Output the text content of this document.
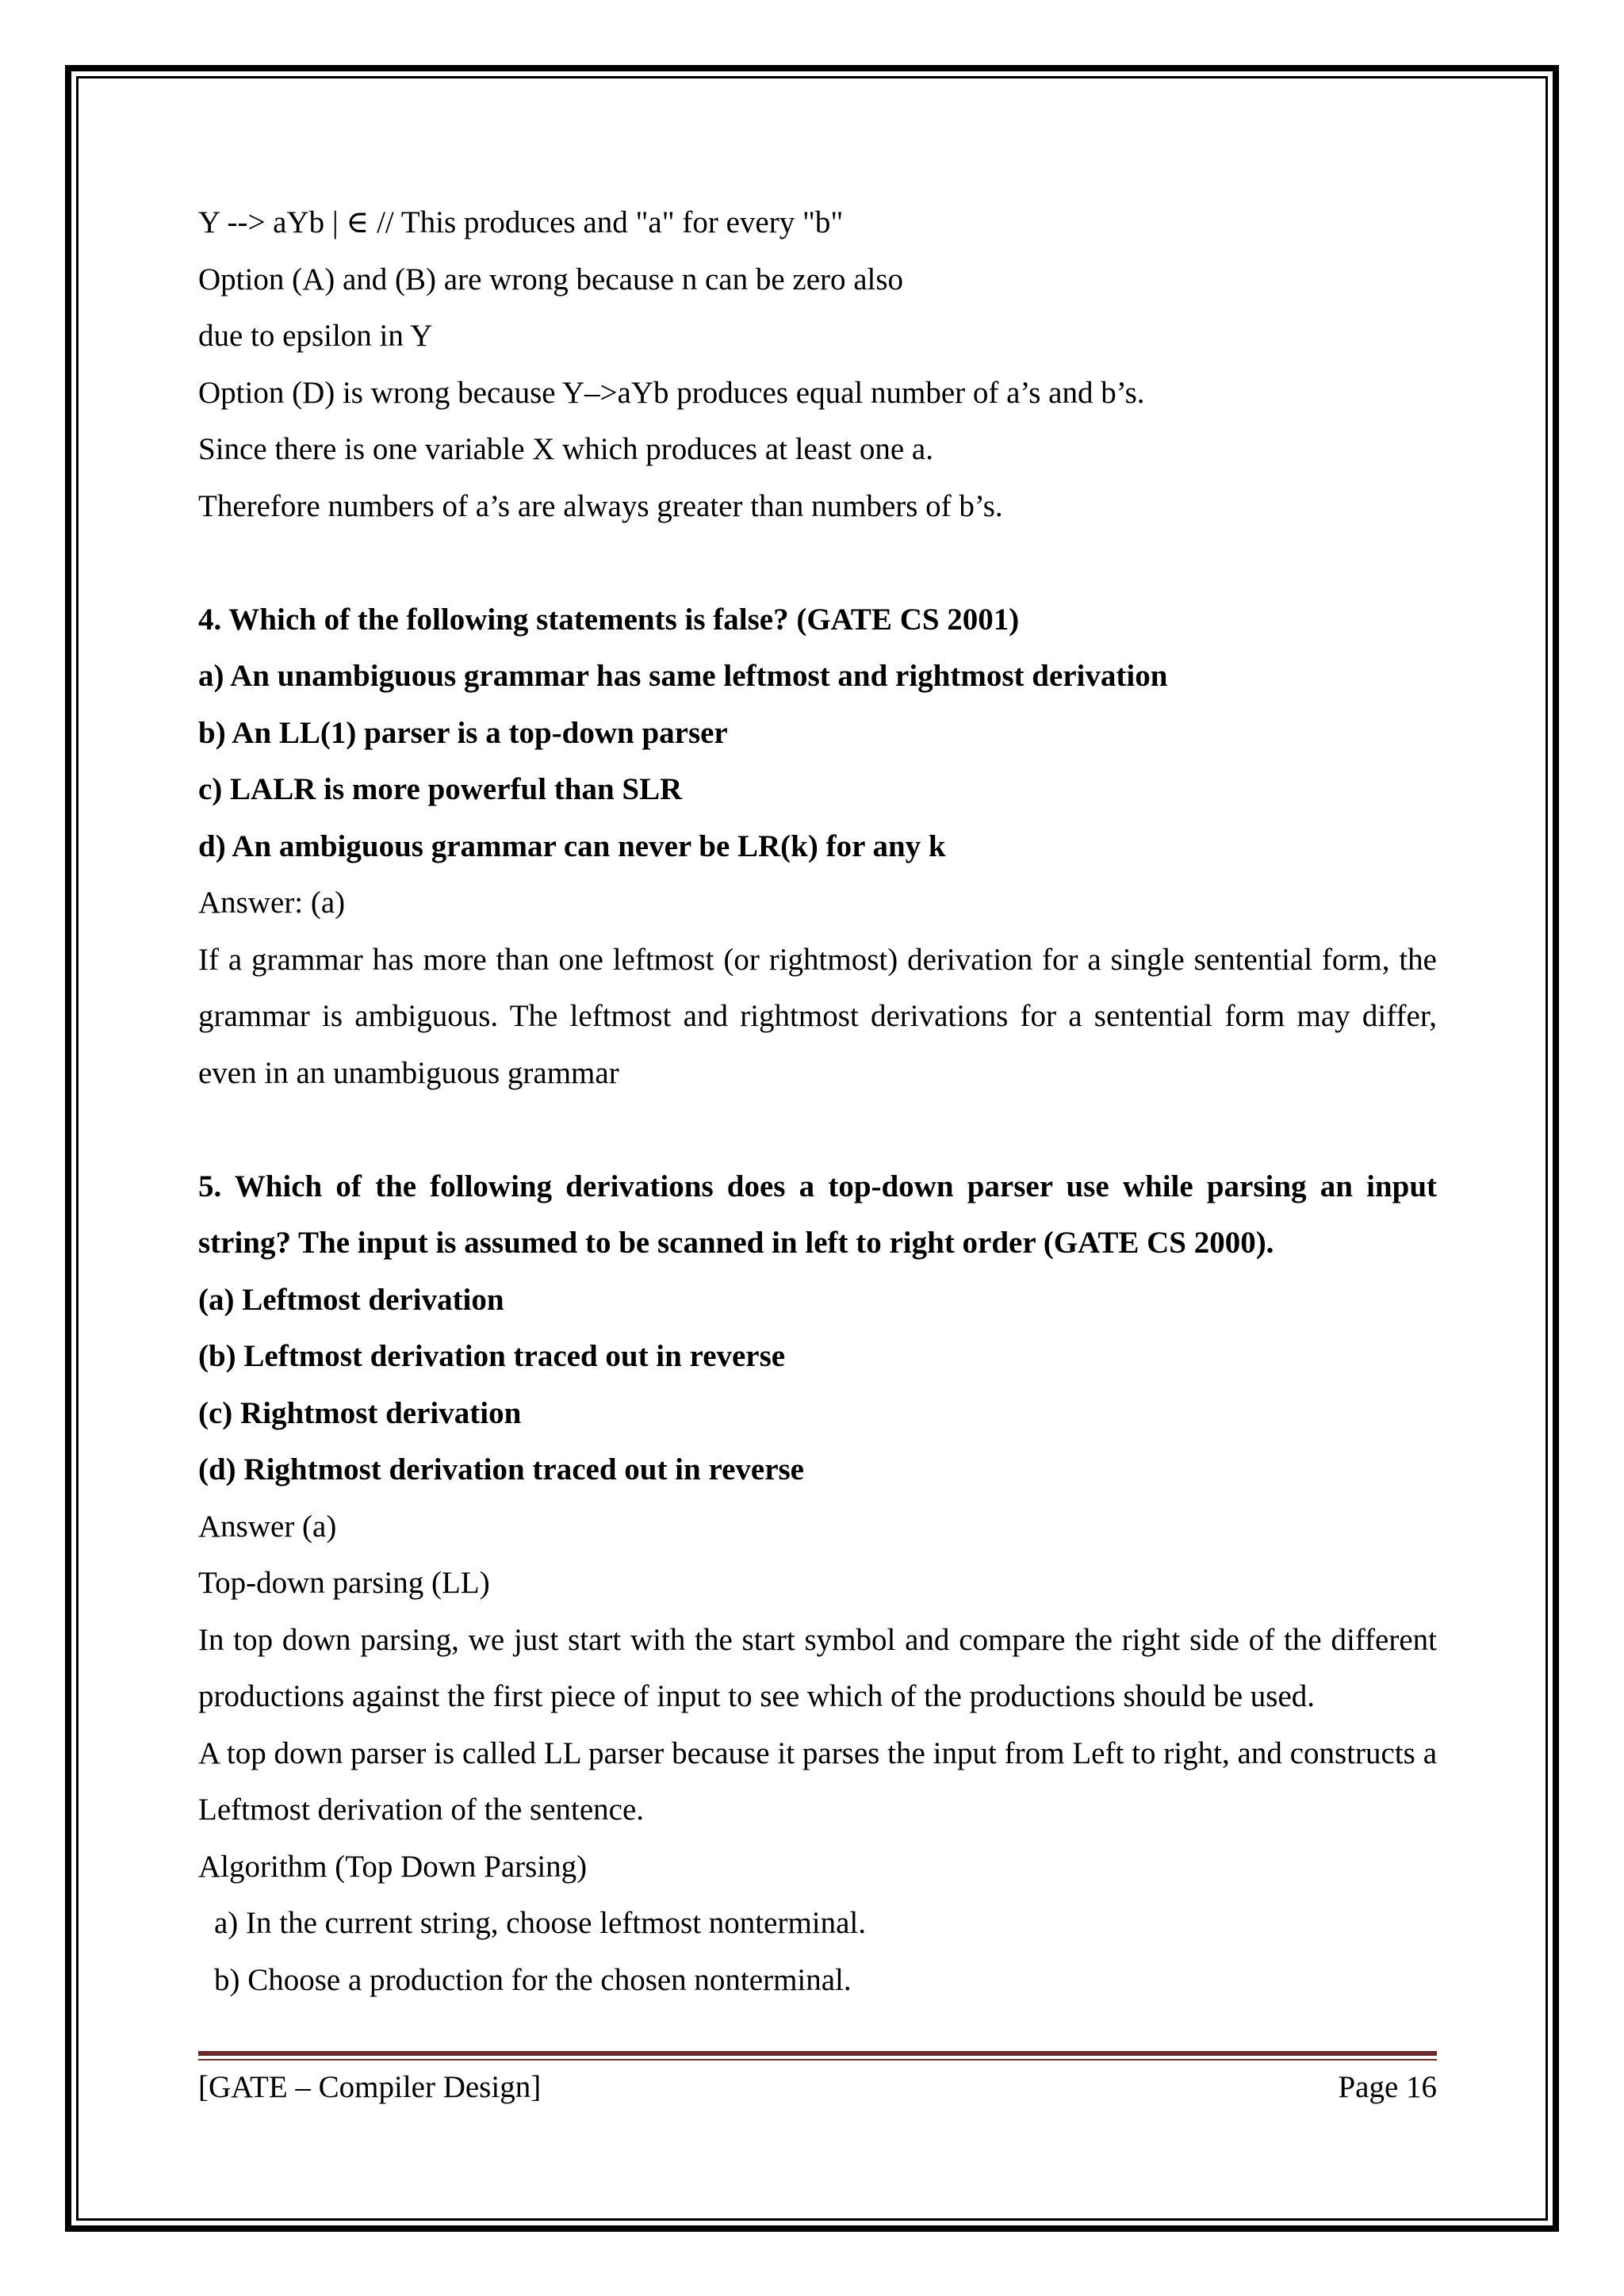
Y --> aYb | ∈ // This produces and "a" for every "b"
Option (A) and (B) are wrong because n can be zero also
due to epsilon in Y
Option (D) is wrong because Y–>aYb produces equal number of a’s and b’s.
Since there is one variable X which produces at least one a.
Therefore numbers of a’s are always greater than numbers of b’s.
4. Which of the following statements is false? (GATE CS 2001)
a) An unambiguous grammar has same leftmost and rightmost derivation
b) An LL(1) parser is a top-down parser
c) LALR is more powerful than SLR
d) An ambiguous grammar can never be LR(k) for any k
Answer: (a)
If a grammar has more than one leftmost (or rightmost) derivation for a single sentential form, the grammar is ambiguous. The leftmost and rightmost derivations for a sentential form may differ, even in an unambiguous grammar
5. Which of the following derivations does a top-down parser use while parsing an input string? The input is assumed to be scanned in left to right order (GATE CS 2000).
(a) Leftmost derivation
(b) Leftmost derivation traced out in reverse
(c) Rightmost derivation
(d) Rightmost derivation traced out in reverse
Answer (a)
Top-down parsing (LL)
In top down parsing, we just start with the start symbol and compare the right side of the different productions against the first piece of input to see which of the productions should be used.
A top down parser is called LL parser because it parses the input from Left to right, and constructs a Leftmost derivation of the sentence.
Algorithm (Top Down Parsing)
a) In the current string, choose leftmost nonterminal.
b) Choose a production for the chosen nonterminal.
[GATE – Compiler Design]	Page 16
